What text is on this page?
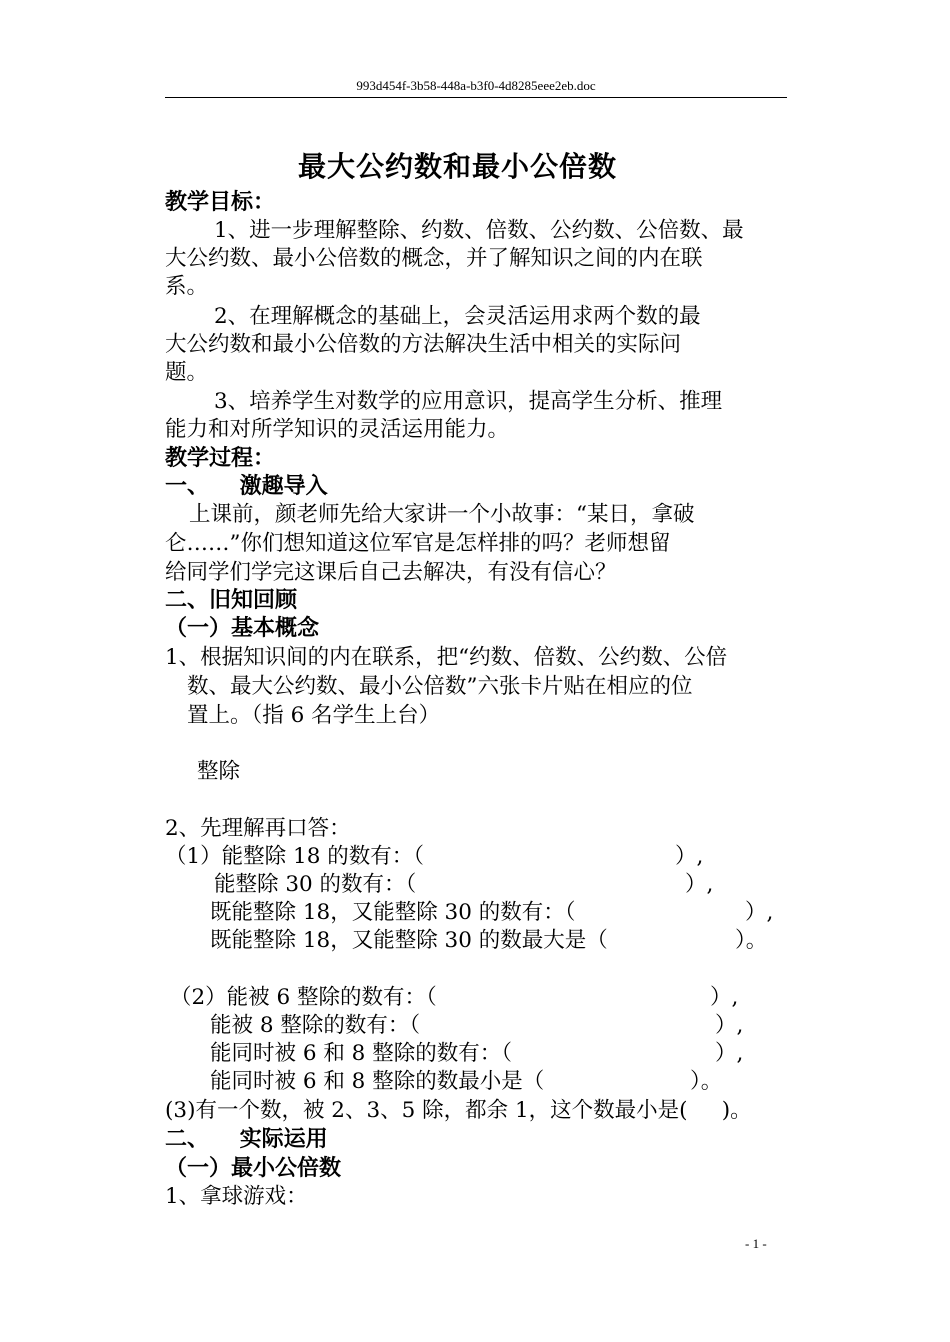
993d454f-3b58-448a-b3f0-4d8285eee2eb.doc
最大公约数和最小公倍数
教学目标：
1、进一步理解整除、约数、倍数、公约数、公倍数、最
大公约数、最小公倍数的概念，并了解知识之间的内在联
系。
2、在理解概念的基础上，会灵活运用求两个数的最
大公约数和最小公倍数的方法解决生活中相关的实际问
题。
3、培养学生对数学的应用意识，提高学生分析、推理
能力和对所学知识的灵活运用能力。
教学过程：
一、    激趣导入
上课前，颜老师先给大家讲一个小故事：“某日，拿破
仑……”你们想知道这位军官是怎样排的吗？老师想留
给同学们学完这课后自己去解决，有没有信心？
二、旧知回顾
（一）基本概念
1、根据知识间的内在联系，把“约数、倍数、公约数、公倍
数、最大公约数、最小公倍数”六张卡片贴在相应的位
置上。（指 6 名学生上台）
整除
2、先理解再口答：
（1）能整除 18 的数有：（	）,
能整除 30 的数有：（	）,
既能整除 18，又能整除 30 的数有：（	）,
既能整除 18，又能整除 30 的数最大是（	）。
（2）能被 6 整除的数有：（	）,
能被 8 整除的数有：（	）,
能同时被 6 和 8 整除的数有：（	）,
能同时被 6 和 8 整除的数最小是（	）。
(3)有一个数，被 2、3、5 除，都余 1，这个数最小是(     )。
二、    实际运用
（一）最小公倍数
1、拿球游戏：
- 1 -
